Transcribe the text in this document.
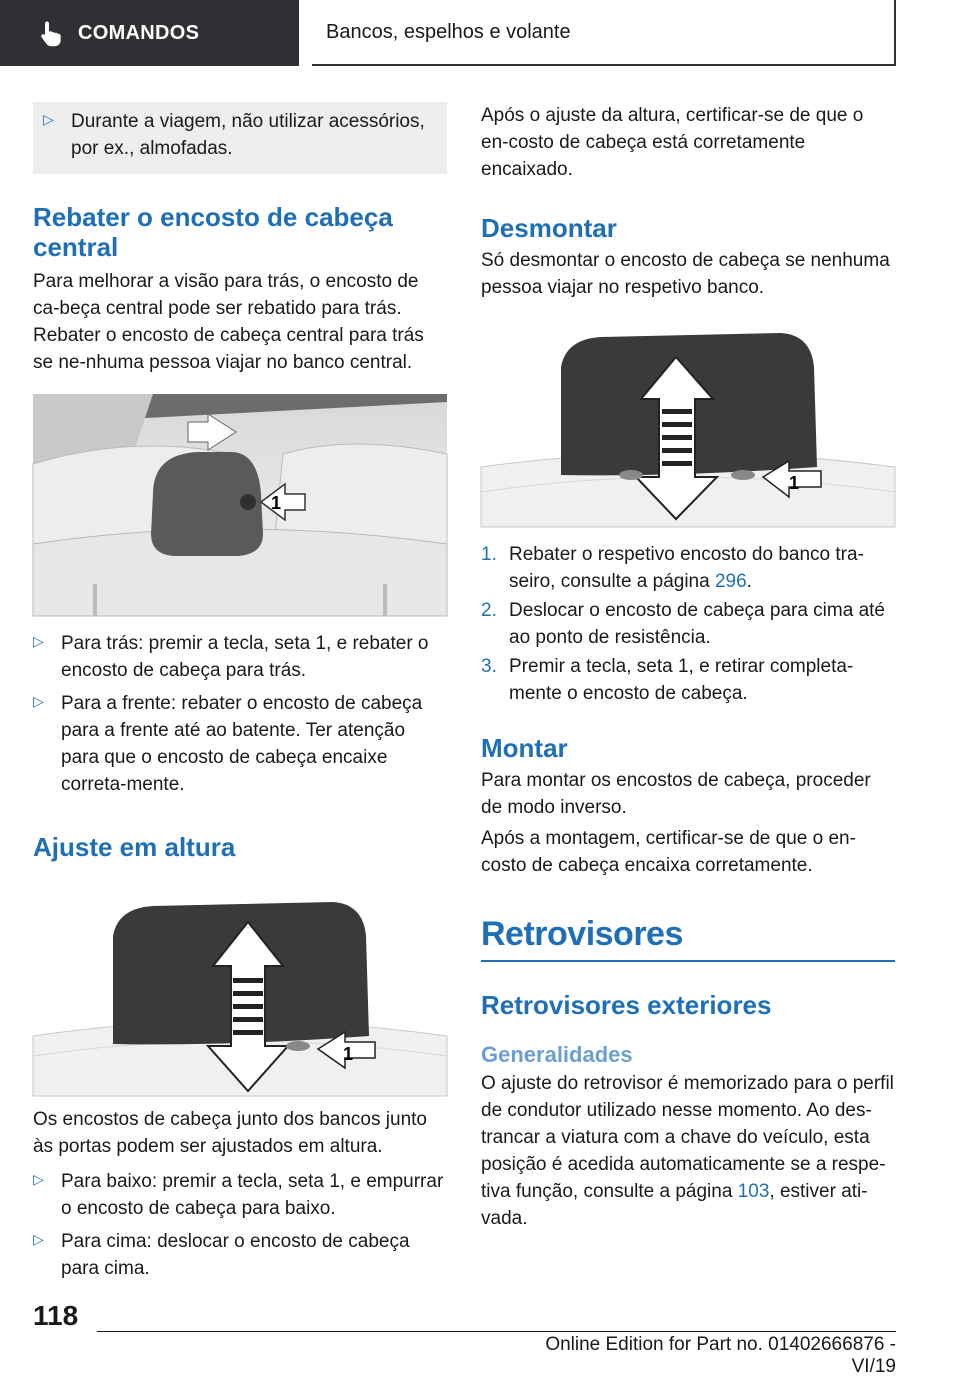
COMANDOS	Bancos, espelhos e volante
▷ Durante a viagem, não utilizar acessórios, por ex., almofadas.
Rebater o encosto de cabeça central
Para melhorar a visão para trás, o encosto de ca-beça central pode ser rebatido para trás. Rebater o encosto de cabeça central para trás se ne-nhuma pessoa viajar no banco central.
1
▷ Para trás: premir a tecla, seta 1, e rebater o encosto de cabeça para trás.
▷ Para a frente: rebater o encosto de cabeça para a frente até ao batente. Ter atenção para que o encosto de cabeça encaixe correta-mente.
Ajuste em altura
1
Os encostos de cabeça junto dos bancos junto às portas podem ser ajustados em altura.
▷ Para baixo: premir a tecla, seta 1, e empurrar o encosto de cabeça para baixo.
▷ Para cima: deslocar o encosto de cabeça para cima.
Após o ajuste da altura, certificar-se de que o en-costo de cabeça está corretamente encaixado.
Desmontar
Só desmontar o encosto de cabeça se nenhuma pessoa viajar no respetivo banco.
1
1. Rebater o respetivo encosto do banco tra-seiro, consulte a página 296.
2. Deslocar o encosto de cabeça para cima até ao ponto de resistência.
3. Premir a tecla, seta 1, e retirar completa-mente o encosto de cabeça.
Montar
Para montar os encostos de cabeça, proceder de modo inverso.
Após a montagem, certificar-se de que o en-costo de cabeça encaixa corretamente.
Retrovisores
Retrovisores exteriores
Generalidades
O ajuste do retrovisor é memorizado para o perfil de condutor utilizado nesse momento. Ao des-trancar a viatura com a chave do veículo, esta posição é acedida automaticamente se a respe-tiva função, consulte a página 103, estiver ati-vada.
118
Online Edition for Part no. 01402666876 - VI/19
